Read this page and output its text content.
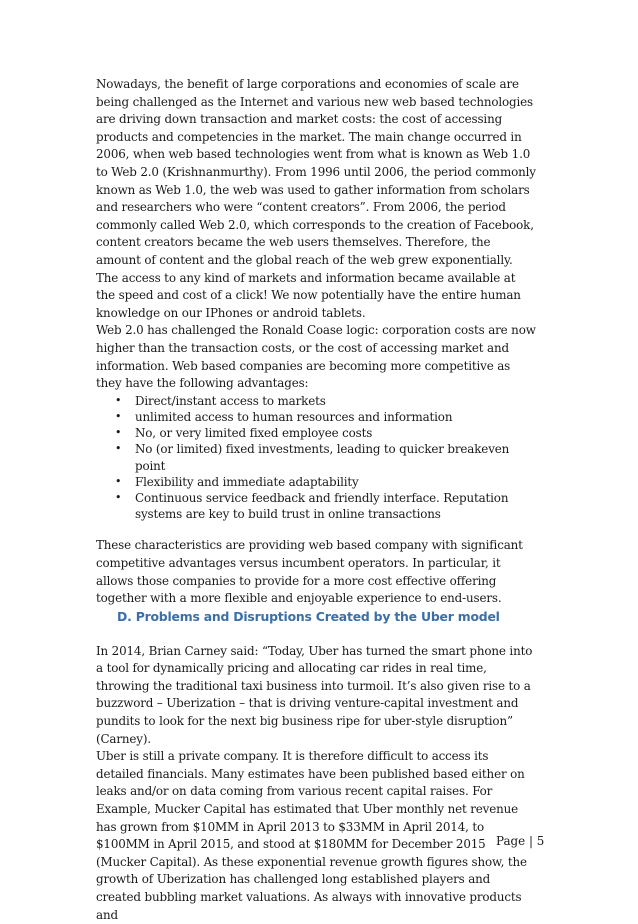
Nowadays, the benefit of large corporations and economies of scale are being challenged as the Internet and various new web based technologies are driving down transaction and market costs: the cost of accessing products and competencies in the market. The main change occurred in 2006, when web based technologies went from what is known as Web 1.0 to Web 2.0 (Krishnanmurthy). From 1996 until 2006, the period commonly known as Web 1.0, the web was used to gather information from scholars and researchers who were “content creators”. From 2006, the period commonly called Web 2.0, which corresponds to the creation of Facebook, content creators became the web users themselves. Therefore, the amount of content and the global reach of the web grew exponentially. The access to any kind of markets and information became available at the speed and cost of a click! We now potentially have the entire human knowledge on our IPhones or android tablets.

Web 2.0 has challenged the Ronald Coase logic: corporation costs are now higher than the transaction costs, or the cost of accessing market and information. Web based companies are becoming more competitive as they have the following advantages:

• Direct/instant access to markets
• unlimited access to human resources and information
• No, or very limited fixed employee costs
• No (or limited) fixed investments, leading to quicker breakeven point
• Flexibility and immediate adaptability
• Continuous service feedback and friendly interface. Reputation systems are key to build trust in online transactions

These characteristics are providing web based company with significant competitive advantages versus incumbent operators. In particular, it allows those companies to provide for a more cost effective offering together with a more flexible and enjoyable experience to end-users.

D. Problems and Disruptions Created by the Uber model

In 2014, Brian Carney said: “Today, Uber has turned the smart phone into a tool for dynamically pricing and allocating car rides in real time, throwing the traditional taxi business into turmoil. It’s also given rise to a buzzword – Uberization – that is driving venture-capital investment and pundits to look for the next big business ripe for uber-style disruption” (Carney).

Uber is still a private company. It is therefore difficult to access its detailed financials. Many estimates have been published based either on leaks and/or on data coming from various recent capital raises. For Example, Mucker Capital has estimated that Uber monthly net revenue has grown from $10MM in April 2013 to $33MM in April 2014, to $100MM in April 2015, and stood at $180MM for December 2015 (Mucker Capital). As these exponential revenue growth figures show, the growth of Uberization has challenged long established players and created bubbling market valuations. As always with innovative products and

Page | 5
